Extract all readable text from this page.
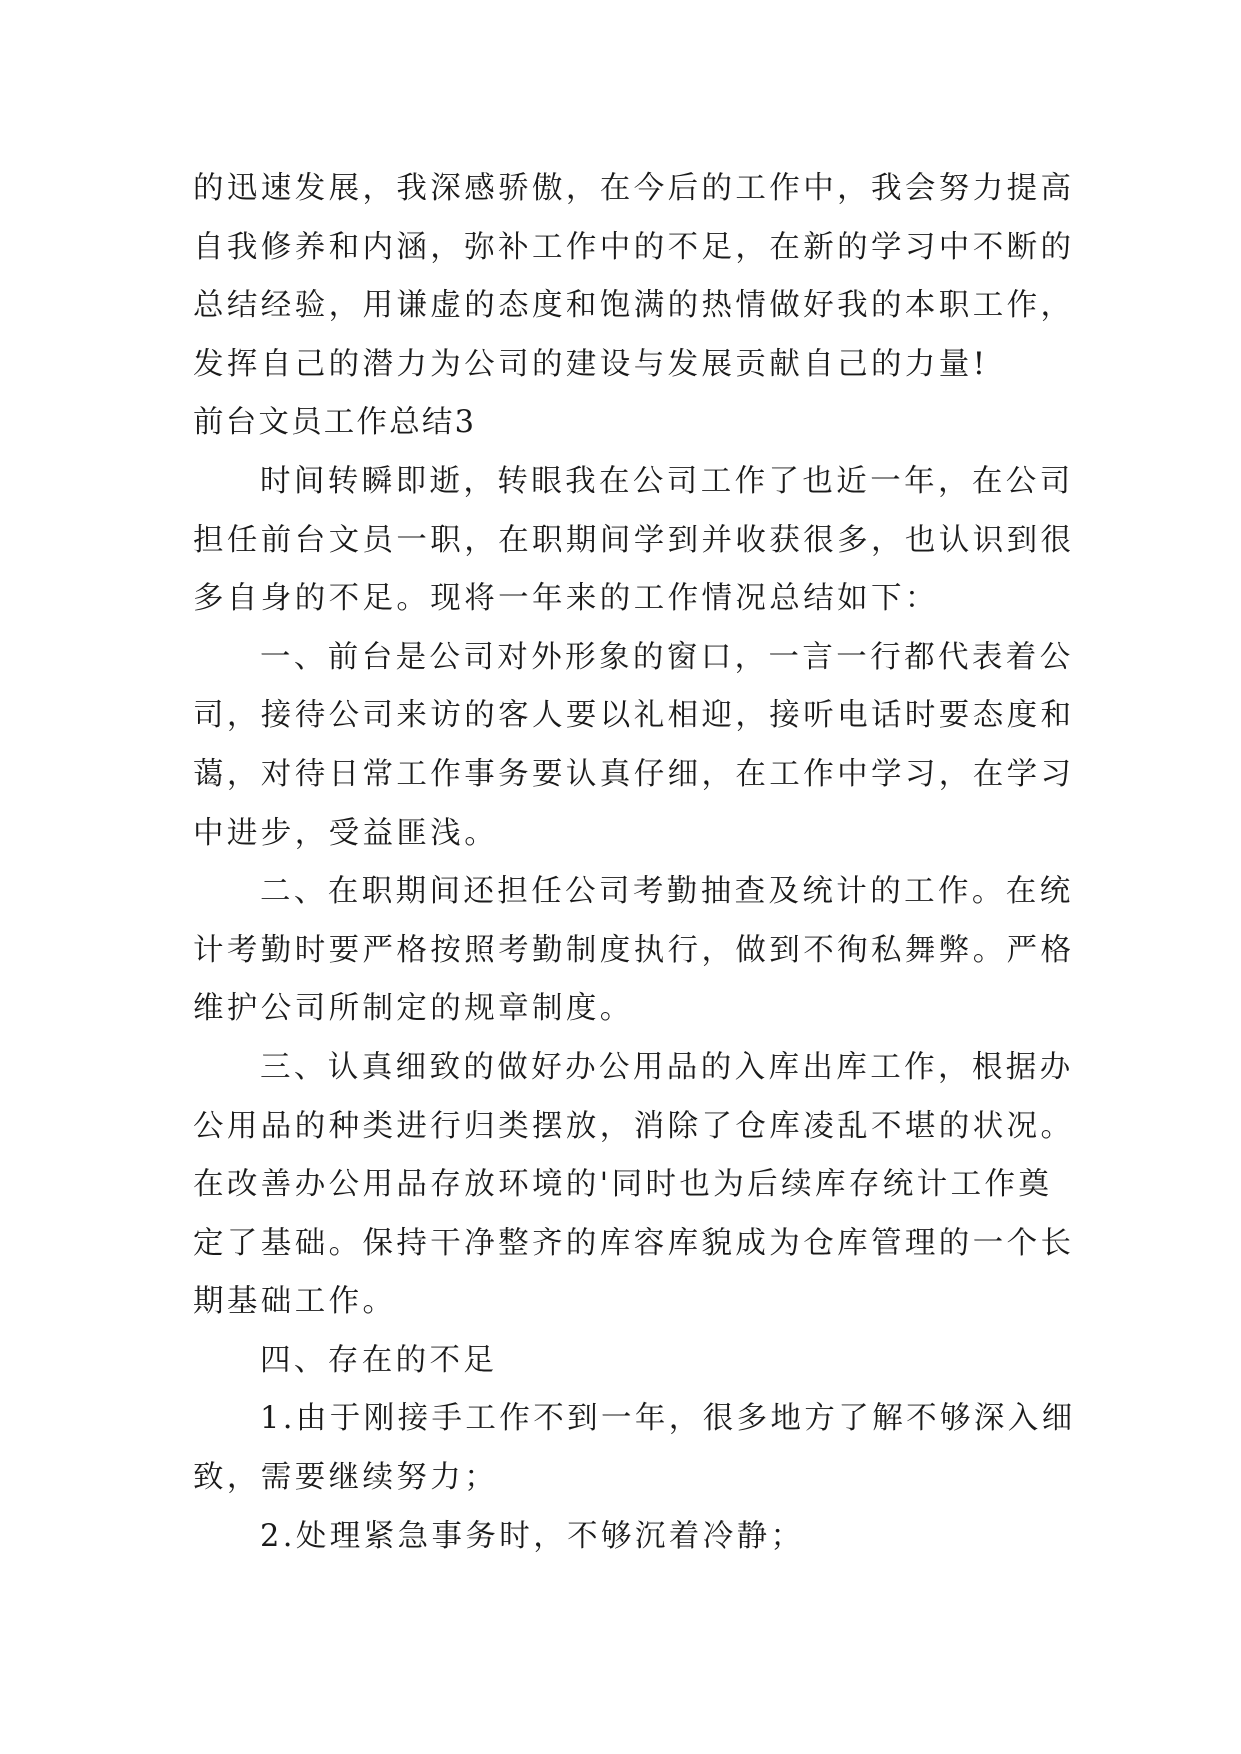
的迅速发展，我深感骄傲，在今后的工作中，我会努力提高
自我修养和内涵，弥补工作中的不足，在新的学习中不断的
总结经验，用谦虚的态度和饱满的热情做好我的本职工作，
发挥自己的潜力为公司的建设与发展贡献自己的力量!
前台文员工作总结3
时间转瞬即逝，转眼我在公司工作了也近一年，在公司
担任前台文员一职，在职期间学到并收获很多，也认识到很
多自身的不足。现将一年来的工作情况总结如下：
一、前台是公司对外形象的窗口，一言一行都代表着公
司，接待公司来访的客人要以礼相迎，接听电话时要态度和
蔼，对待日常工作事务要认真仔细，在工作中学习，在学习
中进步，受益匪浅。
二、在职期间还担任公司考勤抽查及统计的工作。在统
计考勤时要严格按照考勤制度执行，做到不徇私舞弊。严格
维护公司所制定的规章制度。
三、认真细致的做好办公用品的入库出库工作，根据办
公用品的种类进行归类摆放，消除了仓库凌乱不堪的状况。
在改善办公用品存放环境的'同时也为后续库存统计工作奠
定了基础。保持干净整齐的库容库貌成为仓库管理的一个长
期基础工作。
四、存在的不足
1.由于刚接手工作不到一年，很多地方了解不够深入细
致，需要继续努力；
2.处理紧急事务时，不够沉着冷静；
